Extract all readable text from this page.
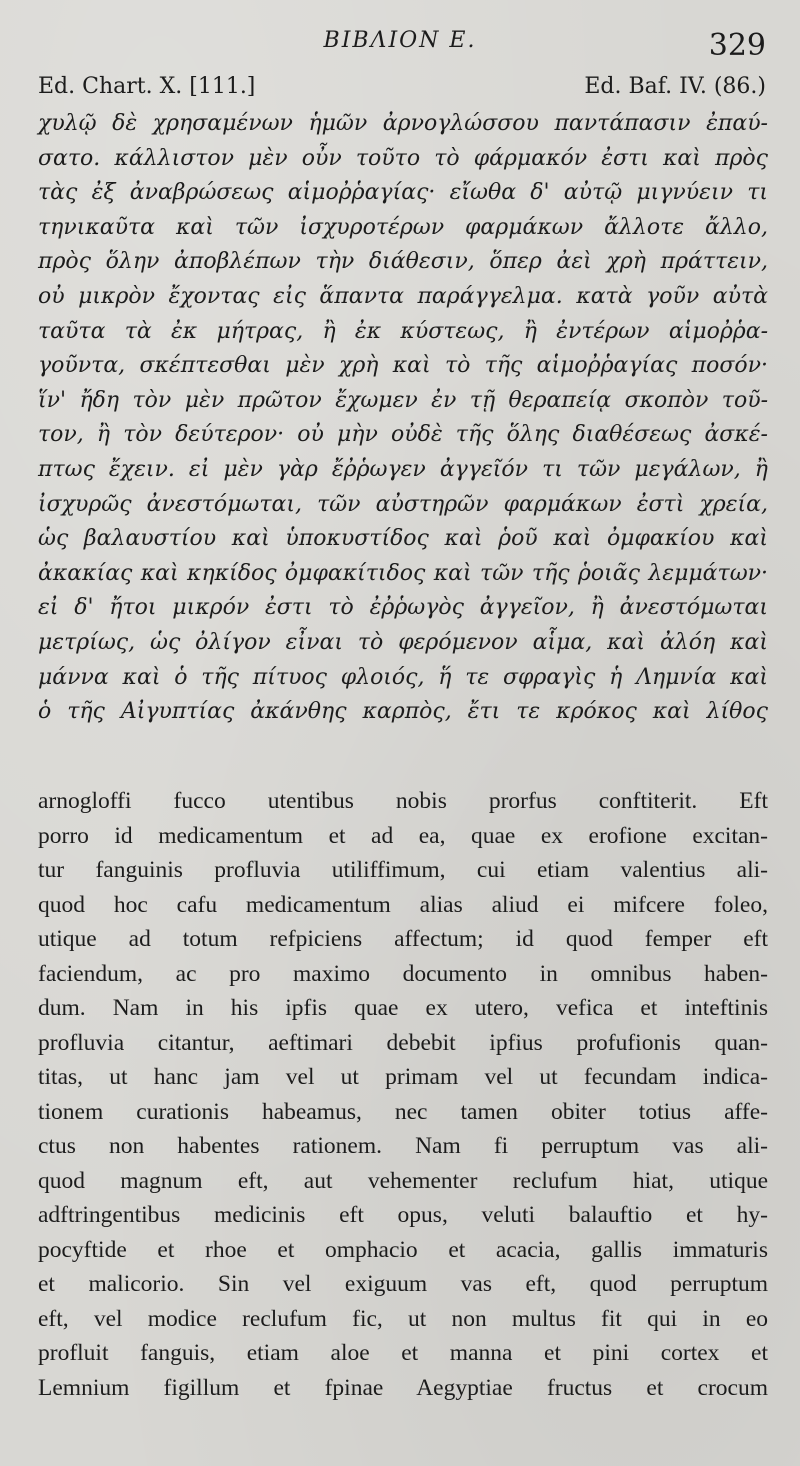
ΒΙΒΛΙΟΝ Ε.	329
Ed. Chart. X. [111.]	Ed. Baf. IV. (86.)
χυλῷ δὲ χρησαμένων ἡμῶν ἀρνογλώσσου παντάπασιν ἐπαύ-
σατο. κάλλιστον μὲν οὖν τοῦτο τὸ φάρμακόν ἐστι καὶ πρὸς
τὰς ἐξ ἀναβρώσεως αἱμοῤῥαγίας· εἴωθα δ' αὐτῷ μιγνύειν τι
τηνικαῦτα καὶ τῶν ἰσχυροτέρων φαρμάκων ἄλλοτε ἄλλο,
πρὸς ὅλην ἀποβλέπων τὴν διάθεσιν, ὅπερ ἀεὶ χρὴ πράττειν,
οὐ μικρὸν ἔχοντας εἰς ἅπαντα παράγγελμα. κατὰ γοῦν αὐτὰ
ταῦτα τὰ ἐκ μήτρας, ἢ ἐκ κύστεως, ἢ ἐντέρων αἱμοῤῥα-
γοῦντα, σκέπτεσθαι μὲν χρὴ καὶ τὸ τῆς αἱμοῤῥαγίας ποσόν·
ἵν' ἤδη τὸν μὲν πρῶτον ἔχωμεν ἐν τῇ θεραπείᾳ σκοπὸν τοῦ-
τον, ἢ τὸν δεύτερον· οὐ μὴν οὐδὲ τῆς ὅλης διαθέσεως ἀσκέ-
πτως ἔχειν. εἰ μὲν γὰρ ἔῤῥωγεν ἀγγεῖόν τι τῶν μεγάλων, ἢ
ἰσχυρῶς ἀνεστόμωται, τῶν αὐστηρῶν φαρμάκων ἐστὶ χρεία,
ὡς βαλαυστίου καὶ ὑποκυστίδος καὶ ῥοῦ καὶ ὀμφακίου καὶ
ἀκακίας καὶ κηκίδος ὀμφακίτιδος καὶ τῶν τῆς ῥοιᾶς λεμμάτων·
εἰ δ' ἤτοι μικρόν ἐστι τὸ ἐῤῥωγὸς ἀγγεῖον, ἢ ἀνεστόμωται
μετρίως, ὡς ὀλίγον εἶναι τὸ φερόμενον αἷμα, καὶ ἀλόη καὶ
μάννα καὶ ὁ τῆς πίτυος φλοιός, ἥ τε σφραγὶς ἡ Λημνία καὶ
ὁ τῆς Αἰγυπτίας ἀκάνθης καρπὸς, ἔτι τε κρόκος καὶ λίθος
arnogloffi fucco utentibus nobis prorfus conftiterit. Eft
porro id medicamentum et ad ea, quae ex erofione excitan-
tur fanguinis profluvia utiliffimum, cui etiam valentius ali-
quod hoc cafu medicamentum alias aliud ei mifcere foleo,
utique ad totum refpiciens affectum; id quod femper eft
faciendum, ac pro maximo documento in omnibus haben-
dum. Nam in his ipfis quae ex utero, vefica et inteftinis
profluvia citantur, aeftimari debebit ipfius profufionis quan-
titas, ut hanc jam vel ut primam vel ut fecundam indica-
tionem curationis habeamus, nec tamen obiter totius affe-
ctus non habentes rationem. Nam fi perruptum vas ali-
quod magnum eft, aut vehementer reclufum hiat, utique
adftringentibus medicinis eft opus, veluti balauftio et hy-
pocyftide et rhoe et omphacio et acacia, gallis immaturis
et malicorio. Sin vel exiguum vas eft, quod perruptum
eft, vel modice reclufum fic, ut non multus fit qui in eo
profluit fanguis, etiam aloe et manna et pini cortex et
Lemnium figillum et fpinae Aegyptiae fructus et crocum
